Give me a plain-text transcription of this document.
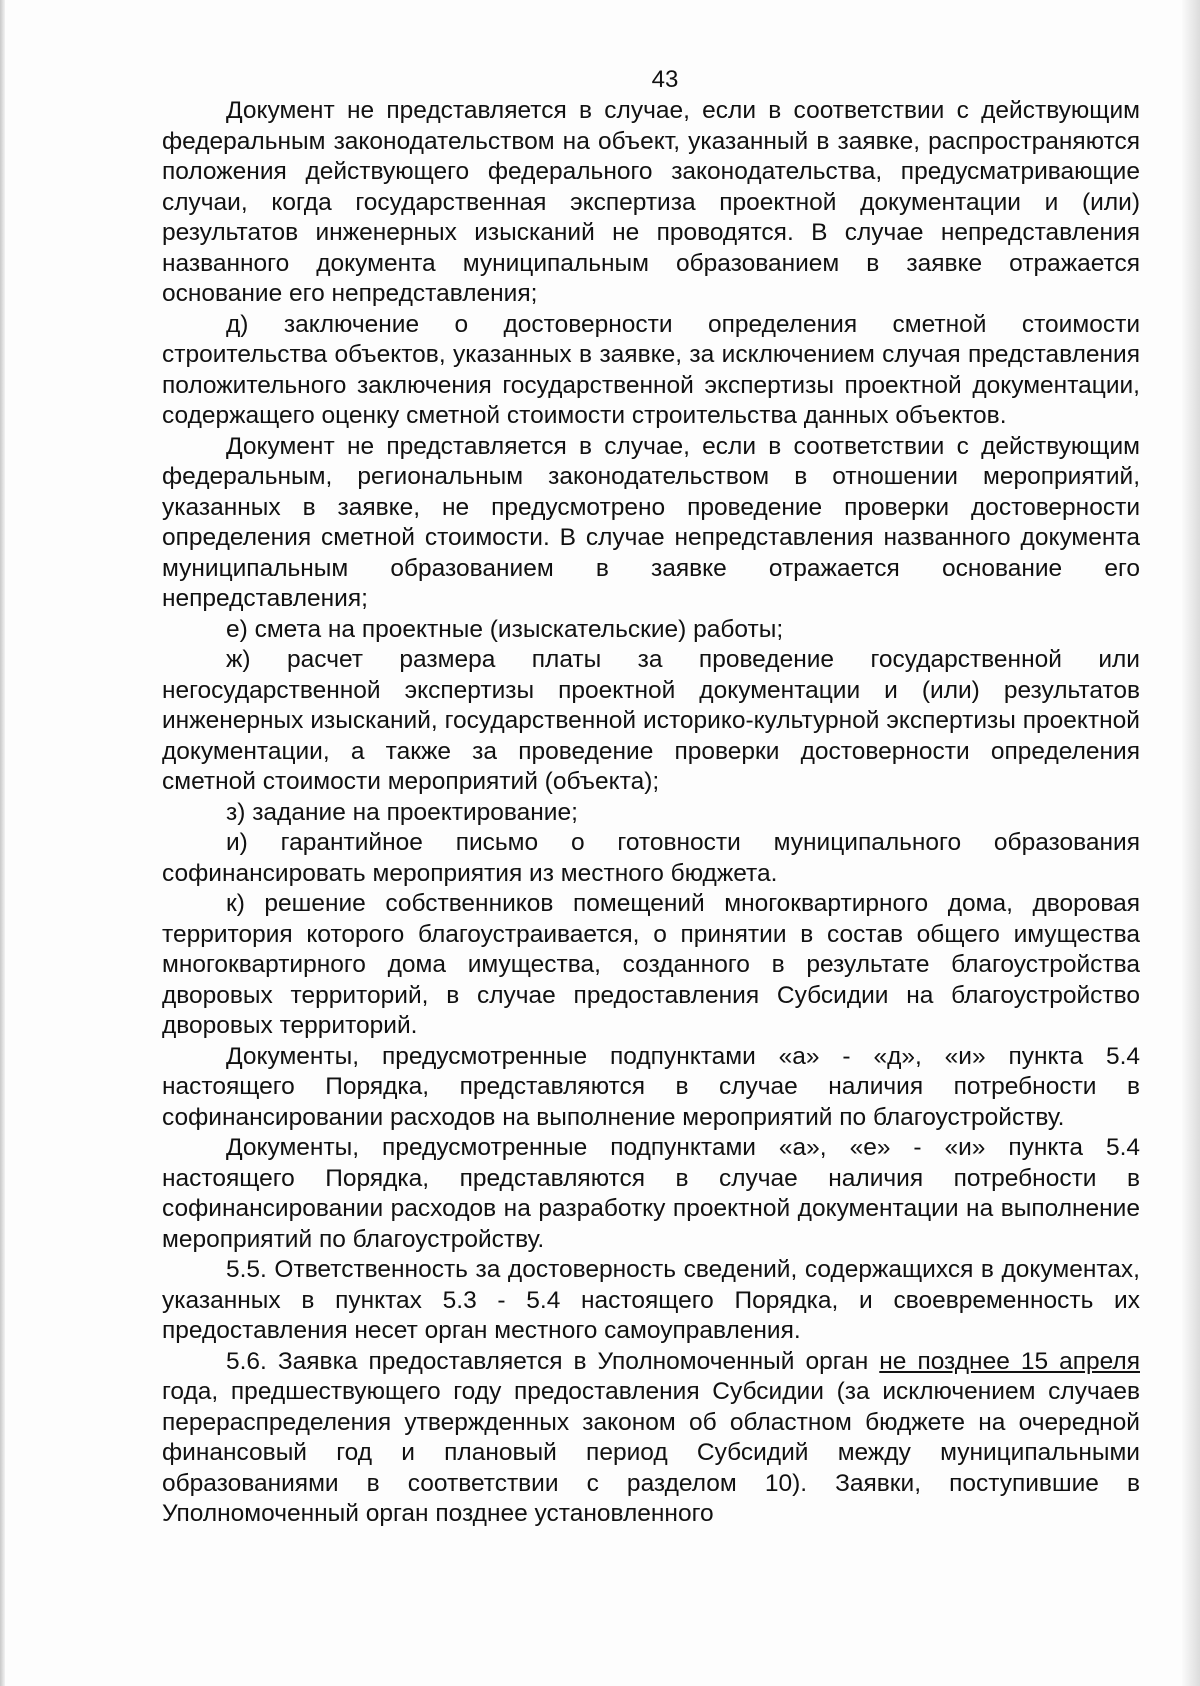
43

Документ не представляется в случае, если в соответствии с действующим федеральным законодательством на объект, указанный в заявке, распространяются положения действующего федерального законодательства, предусматривающие случаи, когда государственная экспертиза проектной документации и (или) результатов инженерных изысканий не проводятся. В случае непредставления названного документа муниципальным образованием в заявке отражается основание его непредставления;

д) заключение о достоверности определения сметной стоимости строительства объектов, указанных в заявке, за исключением случая представления положительного заключения государственной экспертизы проектной документации, содержащего оценку сметной стоимости строительства данных объектов.

Документ не представляется в случае, если в соответствии с действующим федеральным, региональным законодательством в отношении мероприятий, указанных в заявке, не предусмотрено проведение проверки достоверности определения сметной стоимости. В случае непредставления названного документа муниципальным образованием в заявке отражается основание его непредставления;

е) смета на проектные (изыскательские) работы;

ж) расчет размера платы за проведение государственной или негосударственной экспертизы проектной документации и (или) результатов инженерных изысканий, государственной историко-культурной экспертизы проектной документации, а также за проведение проверки достоверности определения сметной стоимости мероприятий (объекта);

з) задание на проектирование;

и) гарантийное письмо о готовности муниципального образования софинансировать мероприятия из местного бюджета.

к) решение собственников помещений многоквартирного дома, дворовая территория которого благоустраивается, о принятии в состав общего имущества многоквартирного дома имущества, созданного в результате благоустройства дворовых территорий, в случае предоставления Субсидии на благоустройство дворовых территорий.

Документы, предусмотренные подпунктами «а» - «д», «и» пункта 5.4 настоящего Порядка, представляются в случае наличия потребности в софинансировании расходов на выполнение мероприятий по благоустройству.

Документы, предусмотренные подпунктами «а», «е» - «и» пункта 5.4 настоящего Порядка, представляются в случае наличия потребности в софинансировании расходов на разработку проектной документации на выполнение мероприятий по благоустройству.

5.5. Ответственность за достоверность сведений, содержащихся в документах, указанных в пунктах 5.3 - 5.4 настоящего Порядка, и своевременность их предоставления несет орган местного самоуправления.

5.6. Заявка предоставляется в Уполномоченный орган не позднее 15 апреля года, предшествующего году предоставления Субсидии (за исключением случаев перераспределения утвержденных законом об областном бюджете на очередной финансовый год и плановый период Субсидий между муниципальными образованиями в соответствии с разделом 10). Заявки, поступившие в Уполномоченный орган позднее установленного
